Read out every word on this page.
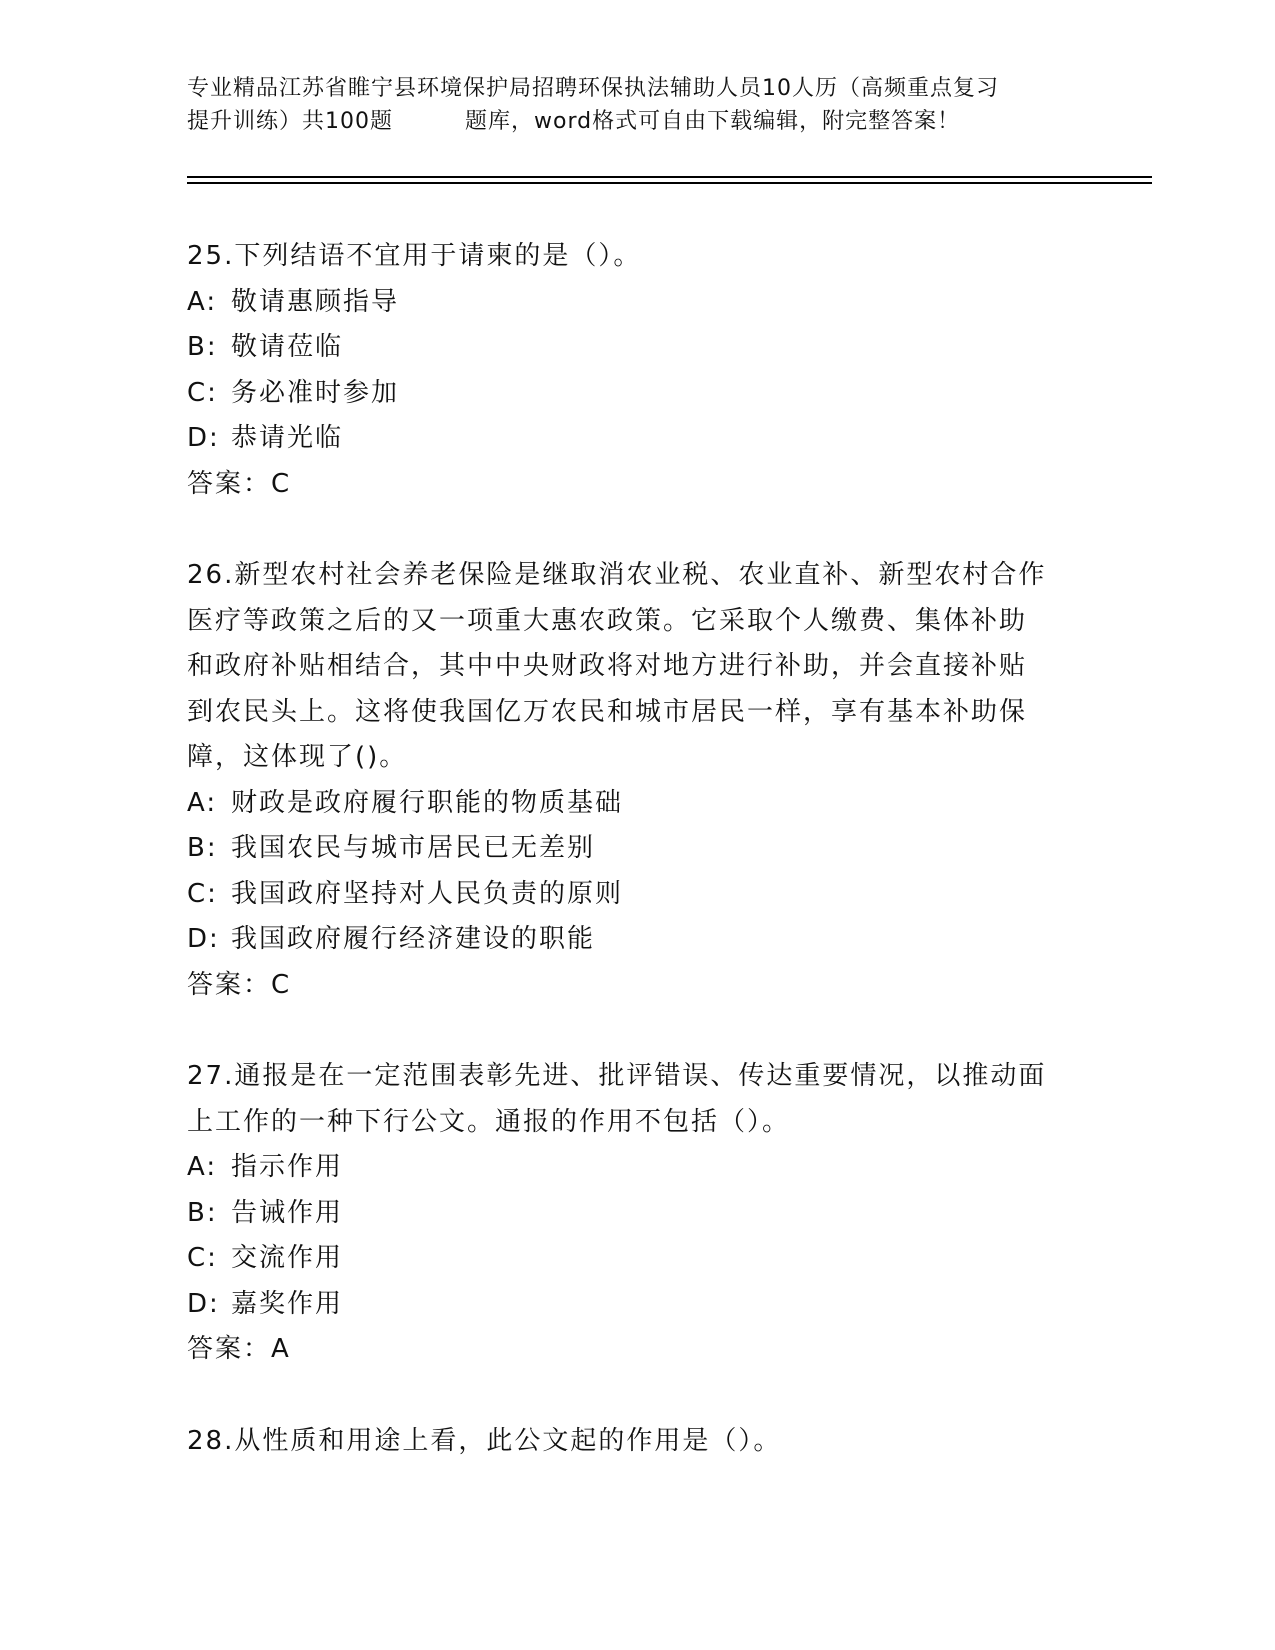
专业精品江苏省睢宁县环境保护局招聘环保执法辅助人员10人历（高频重点复习
提升训练）共100题	题库，word格式可自由下载编辑，附完整答案！

25.下列结语不宜用于请柬的是（）。

A: 敬请惠顾指导

B: 敬请莅临

C: 务必准时参加

D: 恭请光临

答案：C

26.新型农村社会养老保险是继取消农业税、农业直补、新型农村合作

医疗等政策之后的又一项重大惠农政策。它采取个人缴费、集体补助

和政府补贴相结合，其中中央财政将对地方进行补助，并会直接补贴

到农民头上。这将使我国亿万农民和城市居民一样，享有基本补助保

障，这体现了()。

A: 财政是政府履行职能的物质基础

B: 我国农民与城市居民已无差别

C: 我国政府坚持对人民负责的原则

D: 我国政府履行经济建设的职能

答案：C

27.通报是在一定范围表彰先进、批评错误、传达重要情况，以推动面

上工作的一种下行公文。通报的作用不包括（）。

A: 指示作用

B: 告诫作用

C: 交流作用

D: 嘉奖作用

答案：A

28.从性质和用途上看，此公文起的作用是（）。
